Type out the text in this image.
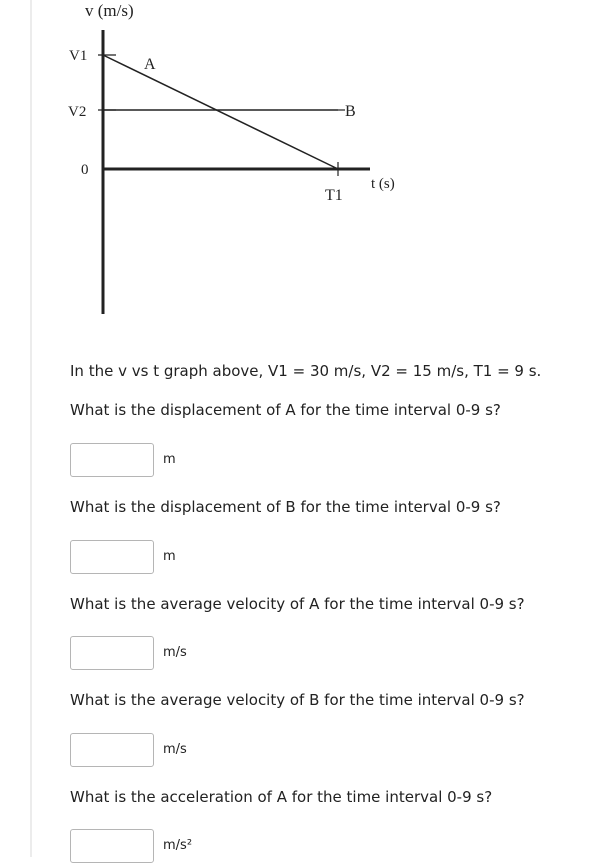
v (m/s)
V1
V2
0
A
B
T1
t (s)

In the v vs t graph above, V1 = 30 m/s, V2 = 15 m/s, T1 = 9 s.

What is the displacement of A for the time interval 0-9 s?

m

What is the displacement of B for the time interval 0-9 s?

m

What is the average velocity of A for the time interval 0-9 s?

m/s

What is the average velocity of B for the time interval 0-9 s?

m/s

What is the acceleration of A for the time interval 0-9 s?

m/s²
